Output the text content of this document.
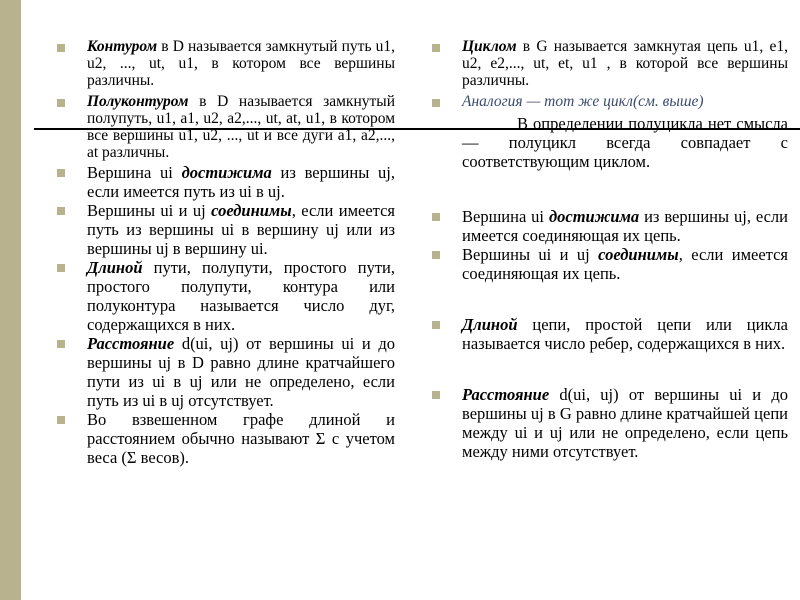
Контуром в D называется замкнутый путь u1, u2, ..., ut, u1, в котором все вершины различны.
Полуконтуром в D называется замкнутый полупуть, u1, a1, u2, a2,..., ut, at, u1, в котором все вершины u1, u2, ..., ut и все дуги a1, a2,..., at различны.
Вершина ui достижима из вершины uj, если имеется путь из ui в uj.
Вершины ui и uj соединимы, если имеется путь из вершины ui в вершину uj или из вершины uj в вершину ui.
Длиной пути, полупути, простого пути, простого полупути, контура или полуконтура называется число дуг, содержащихся в них.
Расстояние d(ui, uj) от вершины ui и до вершины uj в D равно длине кратчайшего пути из ui в uj или не определено, если путь из ui в uj отсутствует.
Во взвешенном графе длиной и расстоянием обычно называют Σ с учетом веса (Σ весов).
Циклом в G называется замкнутая цепь u1, e1, u2, e2,..., ut, et, u1 , в которой все вершины различны.
Аналогия — тот же цикл(см. выше)
В определении полуцикла нет смысла — полуцикл всегда совпадает с соответствующим циклом.
Вершина ui достижима из вершины uj, если имеется соединяющая их цепь.
Вершины ui и uj соединимы, если имеется соединяющая их цепь.
Длиной цепи, простой цепи или цикла называется число ребер, содержащихся в них.
Расстояние d(ui, uj) от вершины ui и до вершины uj в G равно длине кратчайшей цепи между ui и uj или не определено, если цепь между ними отсутствует.
